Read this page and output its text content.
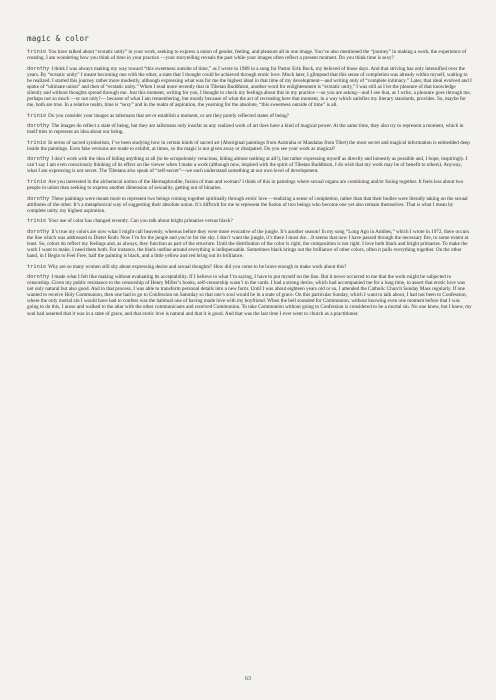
magic & color

trinie You have talked about “ecstatic unity” in your work, seeking to express a union of gender, feeling, and pleasure all in one image. You’ve also mentioned the “journey” in making a work, the experience of creating. I am wondering how you think of time in your practice —your storytelling reveals the past while your images often reflect a present moment. Do you think time is sexy?

dorothy I think I was always making my way toward “this sweetness outside of time,” as I wrote in 1989 in a song for Pastor Erik Bock, my beloved of those days. And that striving has only intensified over the years. By “ecstatic unity” I meant becoming one with the other, a state that I thought could be achieved through erotic love. Much later, I glimpsed that this sense of completion was already within myself, waiting to be realized. I started this journey rather more modestly, although expressing what was for me the highest ideal in that time of my development—and writing only of “complete intimacy.” Later, that ideal evolved and I spoke of “ultimate union” and then of “ecstatic unity.” When I read more recently that in Tibetan Buddhism, another word for enlightenment is “ecstatic unity,” I was still as I let the pleasure of that knowledge silently and without thoughts spread through me. Just this moment, writing for you, I thought to check my feelings about this in my practice —as you are asking—and I see that, as I write, a pleasure goes through me, perhaps not so much —or not only?— because of what I am remembering, but mostly because of what the act of recreating here that moment, in a way which satisfies my literary standards, provides. So, maybe for me, both are true. In a relative realm, time is “sexy” and in the realm of aspiration, the yearning for the absolute, “this sweetness outside of time” is all.

trinie Do you consider your images as talismans that set or establish a moment, or are they purely reflected states of being?

dorothy The images do reflect a state of being, but they are talismans only insofar as any realized work of art does have a kind of magical power. At the same time, they also try to represent a moment, which in itself tries to represent an idea about our being.

trinie In terms of sacred symbolism, I’ve been studying how in certain kinds of sacred art (Aboriginal paintings from Australia or Mandalas from Tibet) the most secret and magical information is embedded deep inside the paintings. Even fake versions are made to exhibit, at times, so the magic is not given away or dissipated. Do you see your work as magical?

dorothy I don’t work with the idea of hiding anything at all (to be scrupulously veracious, hiding almost nothing at all!), but rather expressing myself as directly and honestly as possible and, I hope, inspiringly. I can’t say I am even consciously thinking of its effect on the viewer when I make a work (although now, inspired with the spirit of Tibetan Buddhism, I do wish that my work may be of benefit to others). Anyway, what I am expressing is not secret. The Tibetans also speak of “self-secret”—we each understand something at our own level of development.

trinie Are you interested in the alchemical notion of the Hermaphrodite, fusion of man and woman? I think of this in paintings where sexual organs are combining and/or fusing together. It feels less about two people in union than seeking to express another dimension of sexuality, getting out of binaries.

dorothy These paintings were meant more to represent two beings coming together spiritually through erotic love —realizing a sense of completion, rather than that their bodies were literally taking on the sexual attributes of the other. It’s a metaphorical way of suggesting their absolute union. It’s difficult for me to represent the fusion of two beings who become one yet also remain themselves. That is what I mean by complete unity, my highest aspiration.

trinie Your use of color has changed recently. Can you talk about bright primaries versus black?

dorothy It’s true my colors are now what I might call heavenly, whereas before they were more evocative of the jungle. It’s another season! In my song “Long Ago in Antibes,” which I wrote in 1972, there occurs the line which was addressed to Dieter Roth: Now I’m for the jungle and you’re for the sky. I don’t want the jungle, it’s there I must die…It seems that now I have passed through the necessary fire, to some extent at least. So, colors do reflect my feelings and, as always, they function as part of the structure. Until the distribution of the color is right, the composition is not right. I love both black and bright primaries. To make the work I want to make, I need them both. For instance, the black outline around everything is indispensable. Sometimes black brings out the brilliance of other colors, often it pulls everything together. On the other hand, in I Begin to Feel Free, half the painting is black, and a little yellow and red bring out its brilliance.

trinie Why are so many women still shy about expressing desire and sexual thoughts? How did you come to be brave enough to make work about this?

dorothy I made what I felt like making without evaluating its acceptability. If I believe in what I’m saying, I have to put myself on the line. But it never occurred to me that the work might be subjected to censorship. Given my public resistance to the censorship of Henry Miller’s books, self-censorship wasn’t in the cards. I had a strong desire, which had accompanied me for a long time, to assert that erotic love was not only natural but also good. And in that process, I was able to transform personal details into a new form. Until I was about eighteen years old or so, I attended the Catholic Church Sunday Mass regularly. If one wanted to receive Holy Communion, then one had to go to Confession on Saturday so that one’s soul would be in a state of grace. On this particular Sunday, which I want to talk about, I had not been to Confession, where the only mortal sin I would have had to confess was the habitual one of having made love with my boyfriend. When the bell sounded for Communion, without knowing even one moment before that I was going to do this, I arose and walked to the altar with the other communicants and received Communion. To take Communion without going to Confession is considered to be a mortal sin. No one knew, but I knew, my soul had asserted that it was in a state of grace, and that erotic love is natural and that it is good. And that was the last time I ever went to church as a practitioner.

63
